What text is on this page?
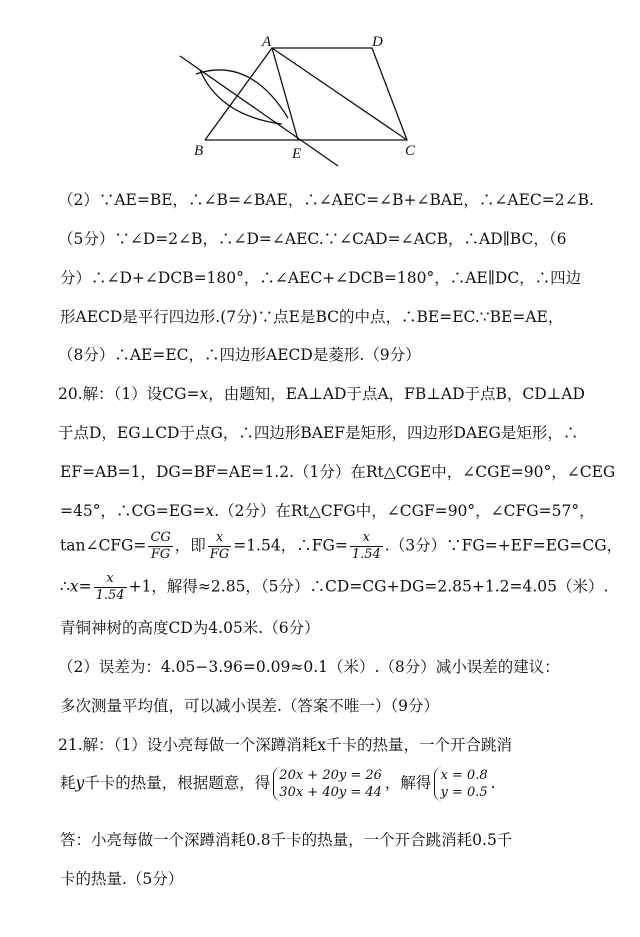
A	D
B	E	C
（2）∵AE=BE，∴∠B=∠BAE，∴∠AEC=∠B+∠BAE，∴∠AEC=2∠B.
（5分）∵∠D=2∠B，∴∠D=∠AEC.∵∠CAD=∠ACB，∴AD∥BC，（6
分）∴∠D+∠DCB=180°，∴∠AEC+∠DCB=180°，∴AE∥DC，∴四边
形AECD是平行四边形.(7分)∵点E是BC的中点，∴BE=EC.∵BE=AE，
（8分）∴AE=EC，∴四边形AECD是菱形.（9分）
20.解：（1）设CG=x，由题知，EA⊥AD于点A，FB⊥AD于点B，CD⊥AD
于点D，EG⊥CD于点G，∴四边形BAEF是矩形，四边形DAEG是矩形，∴
EF=AB=1，DG=BF=AE=1.2.（1分）在Rt△CGE中，∠CGE=90°，∠CEG
=45°，∴CG=EG=x.（2分）在Rt△CFG中，∠CGF=90°，∠CFG=57°，
tan∠CFG= $\frac{CG}{FG}$ ，即 $\frac{x}{FG} =1.54$，∴FG= $\frac{x}{1.54} .(3$分）∵FG=+EF=EG=CG，
∴x= $\frac{x}{1.54} +1$，解得≈2.85，（5分）∴CD=CG+DG=2.85+1.2=4.05（米）.
青铜神树的高度CD为4.05米.（6分）
（2）误差为：4.05−3.96=0.09≈0.1（米）.（8分）减小误差的建议：
多次测量平均值，可以减小误差.（答案不唯一）（9分）
21.解：（1）设小亮每做一个深蹲消耗x千卡的热量，一个开合跳消
耗y千卡的热量，根据题意，得 20x + 20y = 26
30x + 40y = 44
，解得 x = 0.8
y = 0.5
.
答：小亮每做一个深蹲消耗0.8千卡的热量，一个开合跳消耗0.5千
卡的热量.（5分）
